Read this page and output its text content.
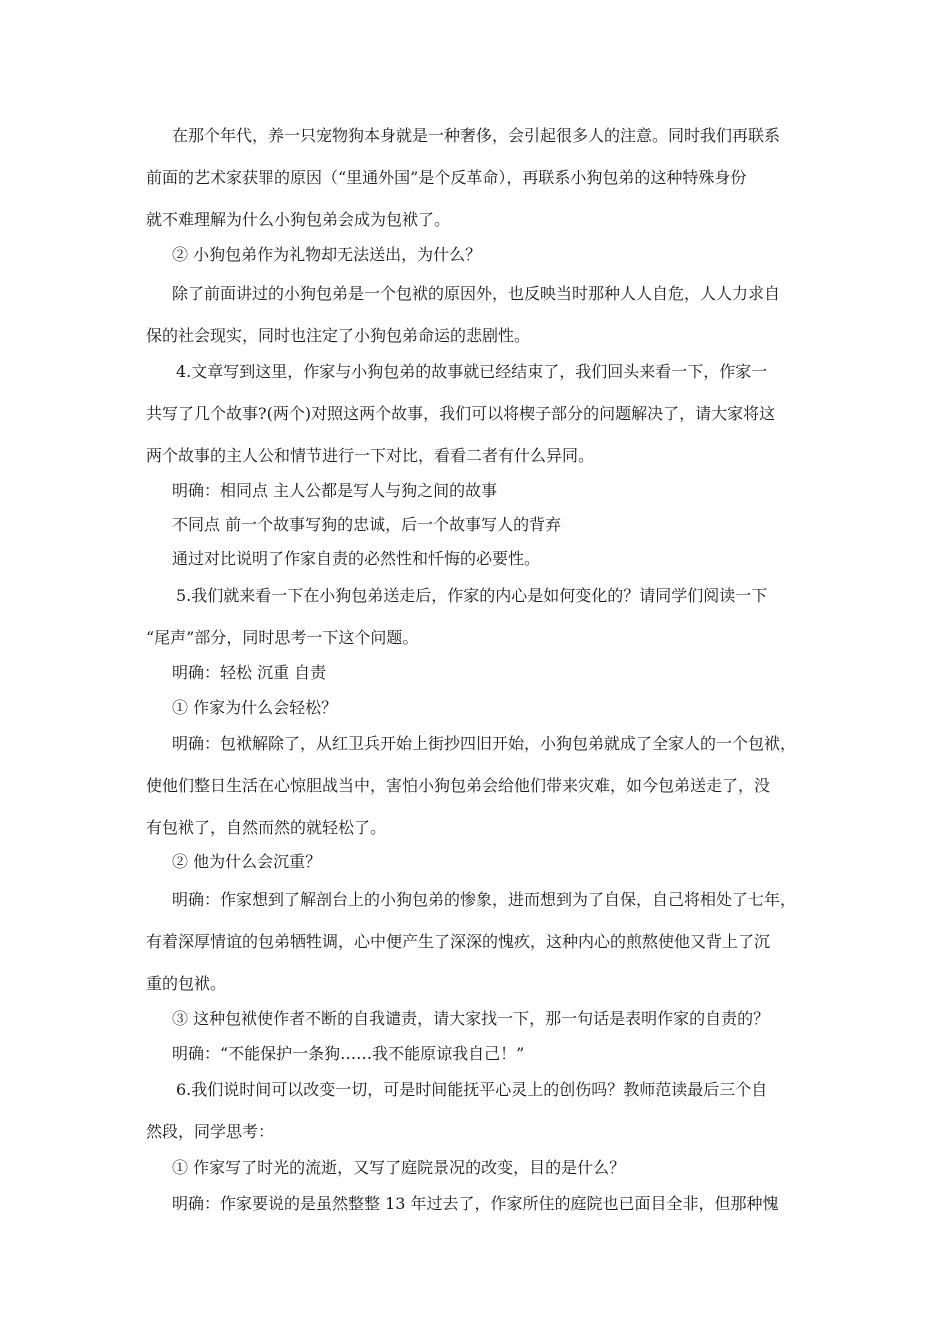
在那个年代，养一只宠物狗本身就是一种奢侈，会引起很多人的注意。同时我们再联系
前面的艺术家获罪的原因（“里通外国”是个反革命），再联系小狗包弟的这种特殊身份
就不难理解为什么小狗包弟会成为包袱了。
② 小狗包弟作为礼物却无法送出，为什么？
除了前面讲过的小狗包弟是一个包袱的原因外，也反映当时那种人人自危，人人力求自
保的社会现实，同时也注定了小狗包弟命运的悲剧性。
4.文章写到这里，作家与小狗包弟的故事就已经结束了，我们回头来看一下，作家一
共写了几个故事?(两个)对照这两个故事，我们可以将楔子部分的问题解决了，请大家将这
两个故事的主人公和情节进行一下对比，看看二者有什么异同。
明确：相同点 主人公都是写人与狗之间的故事
不同点 前一个故事写狗的忠诚，后一个故事写人的背弃
通过对比说明了作家自责的必然性和忏悔的必要性。
5.我们就来看一下在小狗包弟送走后，作家的内心是如何变化的？请同学们阅读一下
“尾声”部分，同时思考一下这个问题。
明确：轻松 沉重 自责
① 作家为什么会轻松？
明确：包袱解除了，从红卫兵开始上街抄四旧开始，小狗包弟就成了全家人的一个包袱，
使他们整日生活在心惊胆战当中，害怕小狗包弟会给他们带来灾难，如今包弟送走了，没
有包袱了，自然而然的就轻松了。
② 他为什么会沉重？
明确：作家想到了解剖台上的小狗包弟的惨象，进而想到为了自保，自己将相处了七年，
有着深厚情谊的包弟牺牲调，心中便产生了深深的愧疚，这种内心的煎熬使他又背上了沉
重的包袱。
③ 这种包袱使作者不断的自我谴责，请大家找一下，那一句话是表明作家的自责的？
明确：“不能保护一条狗……我不能原谅我自己！”
6.我们说时间可以改变一切，可是时间能抚平心灵上的创伤吗？教师范读最后三个自
然段，同学思考：
① 作家写了时光的流逝，又写了庭院景况的改变，目的是什么？
明确：作家要说的是虽然整整 13 年过去了，作家所住的庭院也已面目全非，但那种愧
